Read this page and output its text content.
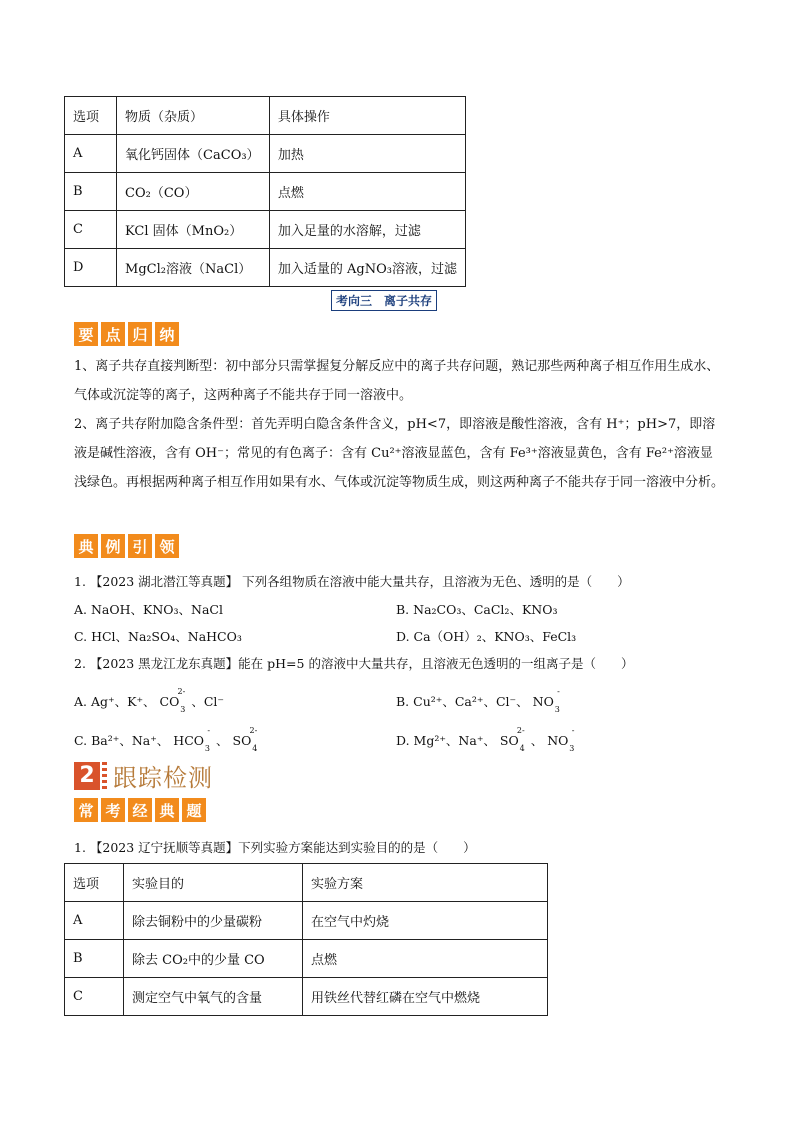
选项	物质（杂质）	具体操作
A	氧化钙固体（CaCO₃）	加热
B	CO₂（CO）	点燃
C	KCl 固体（MnO₂）	加入足量的水溶解，过滤
D	MgCl₂溶液（NaCl）	加入适量的 AgNO₃溶液，过滤
考向三　离子共存
要 点 归 纳
1、离子共存直接判断型：初中部分只需掌握复分解反应中的离子共存问题，熟记那些两种离子相互作用生成水、气体或沉淀等的离子，这两种离子不能共存于同一溶液中。
2、离子共存附加隐含条件型：首先弄明白隐含条件含义，pH<7，即溶液是酸性溶液，含有 H⁺；pH>7，即溶液是碱性溶液，含有 OH⁻；常见的有色离子：含有 Cu²⁺溶液显蓝色，含有 Fe³⁺溶液显黄色，含有 Fe²⁺溶液显浅绿色。再根据两种离子相互作用如果有水、气体或沉淀等物质生成，则这两种离子不能共存于同一溶液中分析。
典 例 引 领
1. 【2023 湖北潜江等真题】 下列各组物质在溶液中能大量共存，且溶液为无色、透明的是（　　）
A. NaOH、KNO₃、NaCl	B. Na₂CO₃、CaCl₂、KNO₃
C. HCl、Na₂SO₄、NaHCO₃	D. Ca（OH）₂、KNO₃、FeCl₃
2. 【2023 黑龙江龙东真题】能在 pH=5 的溶液中大量共存，且溶液无色透明的一组离子是（　　）
A. Ag⁺、K⁺、 CO
2-
3
、Cl⁻	B. Cu²⁺、Ca²⁺、Cl⁻、 NO
-
3
C. Ba²⁺、Na⁺、 HCO
-
3
、 SO
2-
4
D. Mg²⁺、Na⁺、 SO
2-
4
、 NO
-
3
2 跟踪检测
常 考 经 典 题
1. 【2023 辽宁抚顺等真题】下列实验方案能达到实验目的的是（　　）
选项	实验目的	实验方案
A	除去铜粉中的少量碳粉	在空气中灼烧
B	除去 CO₂中的少量 CO	点燃
C	测定空气中氧气的含量	用铁丝代替红磷在空气中燃烧
